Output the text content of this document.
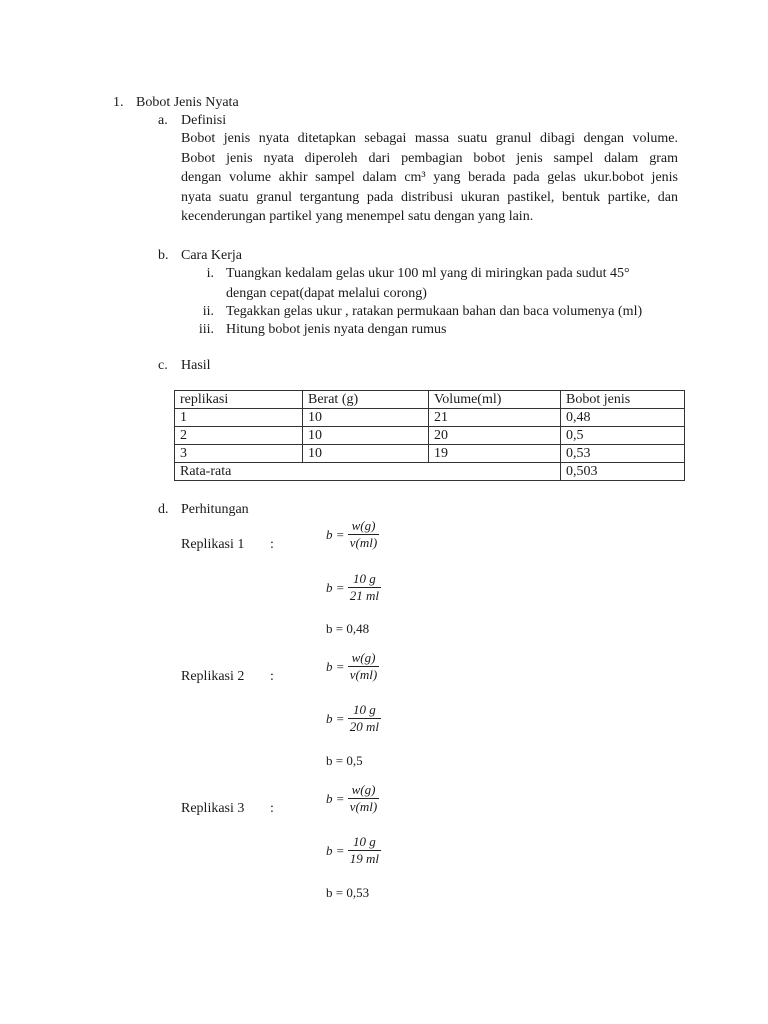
1. Bobot Jenis Nyata
a. Definisi
Bobot jenis nyata ditetapkan sebagai massa suatu granul dibagi dengan volume.
Bobot jenis nyata diperoleh dari pembagian bobot jenis sampel dalam gram
dengan volume akhir sampel dalam cm³ yang berada pada gelas ukur.bobot jenis
nyata suatu granul tergantung pada distribusi ukuran pastikel, bentuk partike, dan
kecenderungan partikel yang menempel satu dengan yang lain.
b. Cara Kerja
i. Tuangkan kedalam gelas ukur 100 ml yang di miringkan pada sudut 45°
dengan cepat(dapat melalui corong)
ii. Tegakkan gelas ukur , ratakan permukaan bahan dan baca volumenya (ml)
iii. Hitung bobot jenis nyata dengan rumus
c. Hasil
replikasi	Berat (g)	Volume(ml)	Bobot jenis
1	10	21	0,48
2	10	20	0,5
3	10	19	0,53
Rata-rata			0,503
d. Perhitungan
Replikasi 1 :
$b = \frac{w(g)}{v(ml)}$
$b = \frac{10 g}{21 ml}$
b = 0,48
Replikasi 2 :
$b = \frac{w(g)}{v(ml)}$
$b = \frac{10 g}{20 ml}$
b = 0,5
Replikasi 3 :
$b = \frac{w(g)}{v(ml)}$
$b = \frac{10 g}{19 ml}$
b = 0,53
